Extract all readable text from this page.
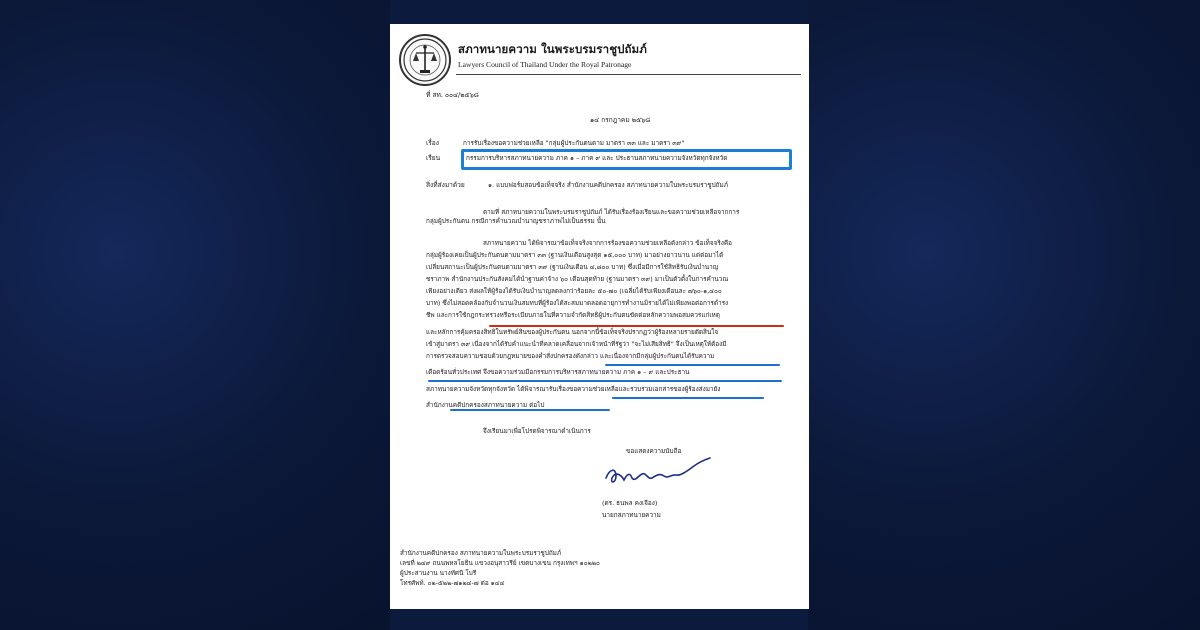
สภาทนายความ ในพระบรมราชูปถัมภ์
Lawyers Council of Thailand Under the Royal Patronage
ที่ สท. ๐๐๔/๒๕๖๘
๑๔ กรกฎาคม ๒๕๖๘
เรื่อง	การรับเรื่องขอความช่วยเหลือ "กลุ่มผู้ประกันตนตาม มาตรา ๓๓ และ มาตรา ๓๙"
เรียน	กรรมการบริหารสภาทนายความ ภาค ๑ – ภาค ๙ และ ประธานสภาทนายความจังหวัดทุกจังหวัด
สิ่งที่ส่งมาด้วย	๑. แบบฟอร์มสอบข้อเท็จจริง สำนักงานคดีปกครอง สภาทนายความในพระบรมราชูปถัมภ์
ตามที่ สภาทนายความในพระบรมราชูปถัมภ์ ได้รับเรื่องร้องเรียนและขอความช่วยเหลือจากการ
กลุ่มผู้ประกันตน กรณีการคำนวณบำนาญชราภาพไม่เป็นธรรม นั้น
สภาทนายความ ได้พิจารณาข้อเท็จจริงจากการร้องขอความช่วยเหลือดังกล่าว ข้อเท็จจริงคือ
กลุ่มผู้ร้องเคยเป็นผู้ประกันตนตามมาตรา ๓๓ (ฐานเงินเดือนสูงสุด ๑๕,๐๐๐ บาท) มาอย่างยาวนาน แต่ต่อมาได้
เปลี่ยนสถานะเป็นผู้ประกันตนตามมาตรา ๓๙ (ฐานเงินเดือน ๔,๘๐๐ บาท) ซึ่งเมื่อมีการใช้สิทธิรับเงินบำนาญ
ชราภาพ สำนักงานประกันสังคมได้นำฐานค่าจ้าง ๖๐ เดือนสุดท้าย (ฐานมาตรา ๓๙) มาเป็นตัวตั้งในการคำนวณ
เพียงอย่างเดียว ส่งผลให้ผู้ร้องได้รับเงินบำนาญลดลงกว่าร้อยละ ๕๐-๗๐ (เฉลี่ยได้รับเพียงเดือนละ ๗๖๐-๑,๔๐๐
บาท) ซึ่งไม่สอดคล้องกับจำนวนเงินสมทบที่ผู้ร้องได้สะสมมาตลอดอายุการทำงานมิรายได้ไม่เพียงพอต่อการดำรง
ชีพ และการใช้กฎกระทรวงหรือระเบียบภายในที่ความจำกัดสิทธิผู้ประกันตนขัดต่อหลักความพอสมควรแก่เหตุ
และหลักการคุ้มครองสิทธิในทรัพย์สินของผู้ประกันตน นอกจากนี้ข้อเท็จจริงปรากฏว่าผู้ร้องหลายรายตัดสินใจ
เข้าสู่มาตรา ๓๙ เนื่องจากได้รับคำแนะนำที่คลาดเคลื่อนจากเจ้าหน้าที่รัฐว่า "จะไม่เสียสิทธิ" จึงเป็นเหตุให้ต้องมี
การตรวจสอบความชอบด้วยกฎหมายของคำสั่งปกครองดังกล่าว และเนื่องจากมีกลุ่มผู้ประกันตนได้รับความ
เดือดร้อนทั่วประเทศ จึงขอความร่วมมือกรรมการบริหารสภาทนายความ ภาค ๑ – ๙ และประธาน
สภาทนายความจังหวัดทุกจังหวัด ได้พิจารณารับเรื่องขอความช่วยเหลือและรวบรวมเอกสารของผู้ร้องส่งมายัง
สำนักงานคดีปกครองสภาทนายความ ต่อไป
จึงเรียนมาเพื่อโปรดพิจารณาดำเนินการ
ขอแสดงความนับถือ
(ดร. ธนพล คงเจือง)
นายกสภาทนายความ
สำนักงานคดีปกครอง สภาทนายความในพระบรมราชูปถัมภ์
เลขที่ ๒๔๙ ถนนพหลโยธิน แขวงอนุสาวรีย์ เขตบางเขน กรุงเทพฯ ๑๐๒๒๐
ผู้ประสานงาน นางทัศนี โบรี
โทรศัพท์. ๐๒-๕๒๒-๗๑๒๔-๗ ต่อ ๑๔๔
